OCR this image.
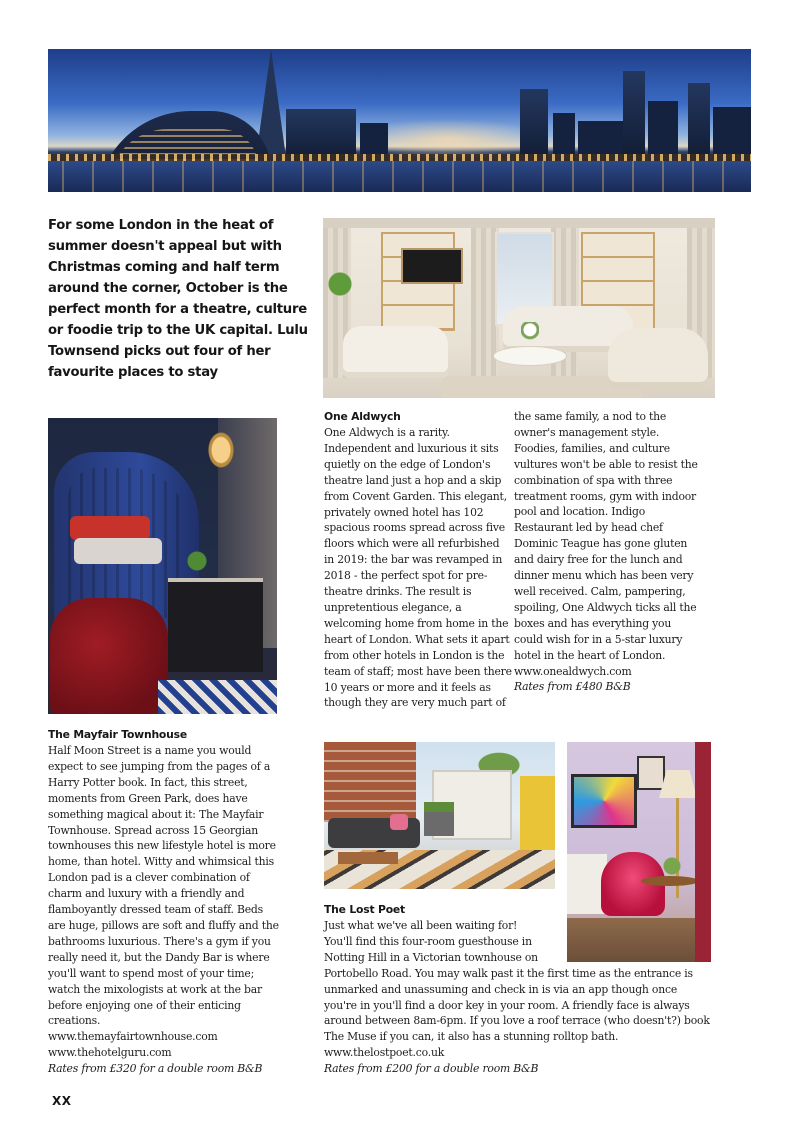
For some London in the heat of summer doesn't appeal but with Christmas coming and half term around the corner, October is the perfect month for a theatre, culture or foodie trip to the UK capital. Lulu Townsend picks out four of her favourite places to stay

One Aldwych
One Aldwych is a rarity.
Independent and luxurious it sits
quietly on the edge of London's
theatre land just a hop and a skip
from Covent Garden. This elegant,
privately owned hotel has 102
spacious rooms spread across five
floors which were all refurbished
in 2019: the bar was revamped in
2018 - the perfect spot for pre-
theatre drinks. The result is
unpretentious elegance, a
welcoming home from home in the
heart of London. What sets it apart
from other hotels in London is the
team of staff; most have been there
10 years or more and it feels as
though they are very much part of
the same family, a nod to the
owner's management style.
Foodies, families, and culture
vultures won't be able to resist the
combination of spa with three
treatment rooms, gym with indoor
pool and location. Indigo
Restaurant led by head chef
Dominic Teague has gone gluten
and dairy free for the lunch and
dinner menu which has been very
well received. Calm, pampering,
spoiling, One Aldwych ticks all the
boxes and has everything you
could wish for in a 5-star luxury
hotel in the heart of London.
www.onealdwych.com
Rates from £480 B&B
The Mayfair Townhouse
Half Moon Street is a name you would
expect to see jumping from the pages of a
Harry Potter book. In fact, this street,
moments from Green Park, does have
something magical about it: The Mayfair
Townhouse. Spread across 15 Georgian
townhouses this new lifestyle hotel is more
home, than hotel. Witty and whimsical this
London pad is a clever combination of
charm and luxury with a friendly and
flamboyantly dressed team of staff. Beds
are huge, pillows are soft and fluffy and the
bathrooms luxurious. There's a gym if you
really need it, but the Dandy Bar is where
you'll want to spend most of your time;
watch the mixologists at work at the bar
before enjoying one of their enticing
creations.
www.themayfairtownhouse.com
www.thehotelguru.com
Rates from £320 for a double room B&B
The Lost Poet
Just what we've all been waiting for!
You'll find this four-room guesthouse in
Notting Hill in a Victorian townhouse on
Portobello Road. You may walk past it the first time as the entrance is
unmarked and unassuming and check in is via an app though once
you're in you'll find a door key in your room. A friendly face is always
around between 8am-6pm. If you love a roof terrace (who doesn't?) book
The Muse if you can, it also has a stunning rolltop bath.
www.thelostpoet.co.uk
Rates from £200 for a double room B&B
XX
